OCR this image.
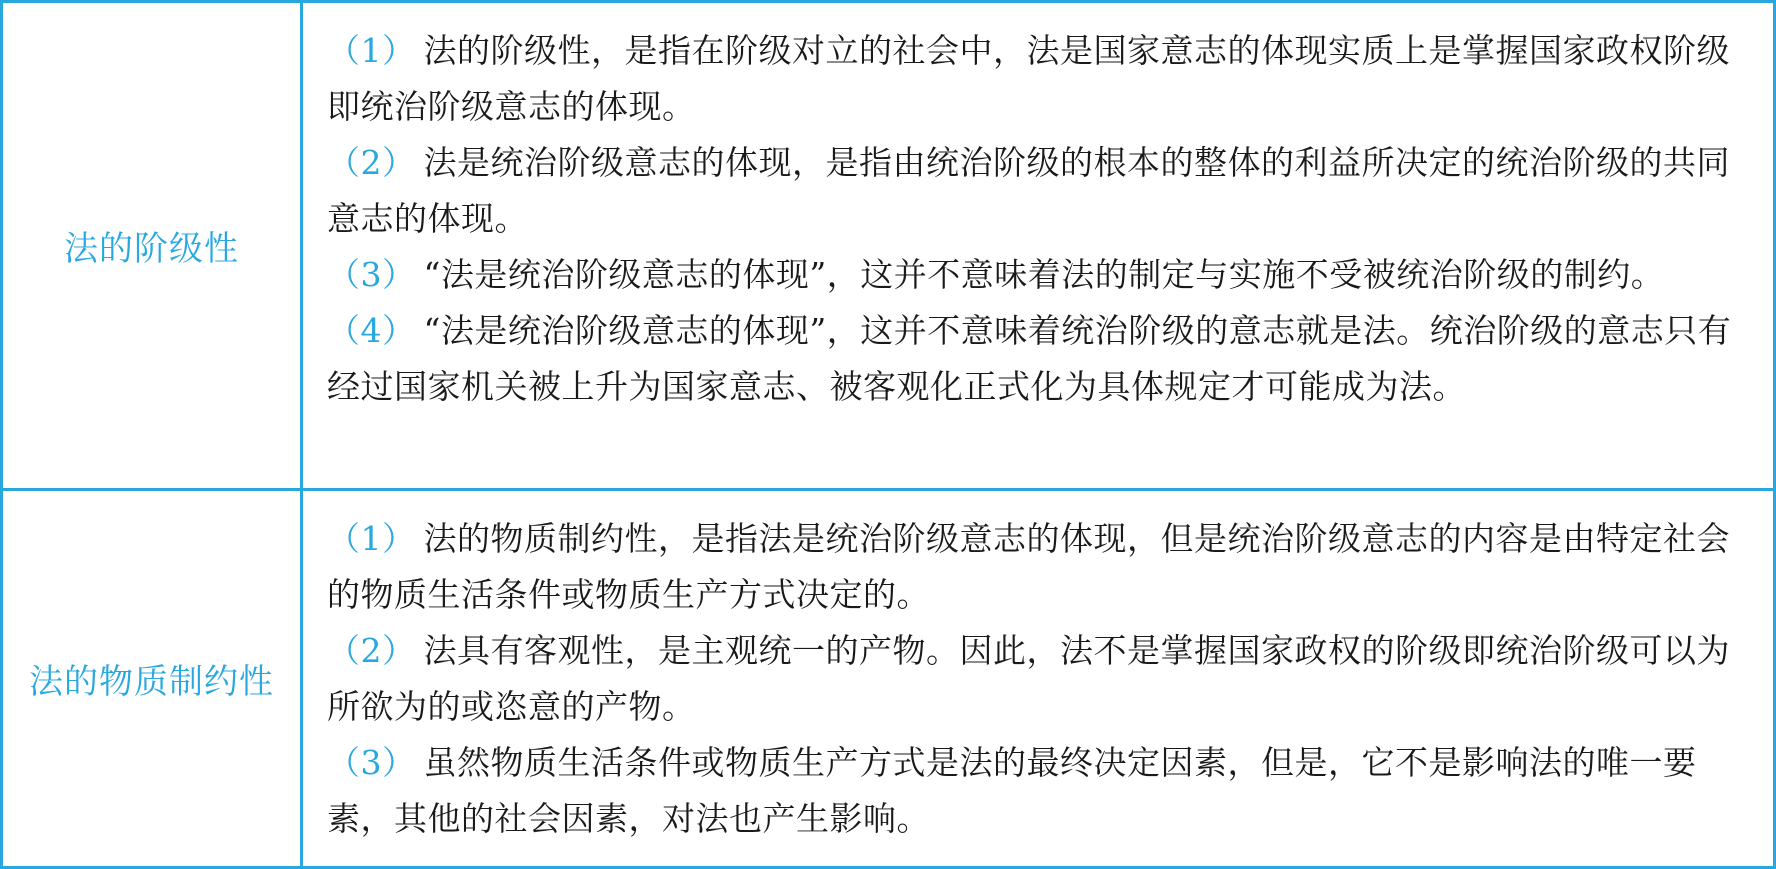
法的阶级性

（1） 法的阶级性，是指在阶级对立的社会中，法是国家意志的体现实质上是掌握国家政权阶级即统治阶级意志的体现。

（2） 法是统治阶级意志的体现，是指由统治阶级的根本的整体的利益所决定的统治阶级的共同意志的体现。

（3） “法是统治阶级意志的体现”，这并不意味着法的制定与实施不受被统治阶级的制约。

（4） “法是统治阶级意志的体现”，这并不意味着统治阶级的意志就是法。统治阶级的意志只有经过国家机关被上升为国家意志、被客观化正式化为具体规定才可能成为法。

法的物质制约性

（1） 法的物质制约性，是指法是统治阶级意志的体现，但是统治阶级意志的内容是由特定社会的物质生活条件或物质生产方式决定的。

（2） 法具有客观性，是主观统一的产物。因此，法不是掌握国家政权的阶级即统治阶级可以为所欲为的或恣意的产物。

（3） 虽然物质生活条件或物质生产方式是法的最终决定因素，但是，它不是影响法的唯一要素，其他的社会因素，对法也产生影响。
